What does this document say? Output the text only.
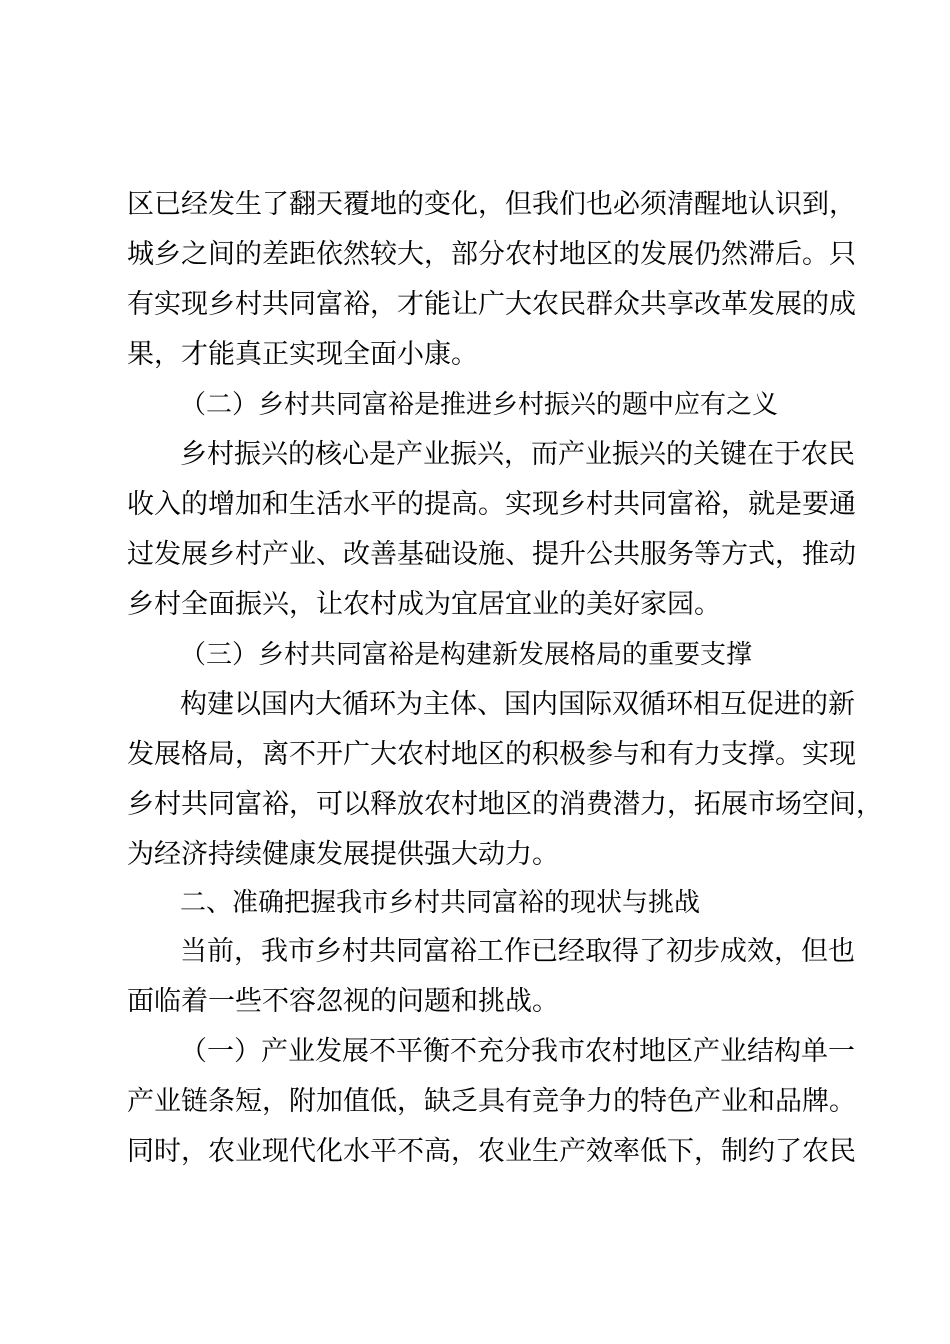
区已经发生了翻天覆地的变化，但我们也必须清醒地认识到，
城乡之间的差距依然较大，部分农村地区的发展仍然滞后。只
有实现乡村共同富裕，才能让广大农民群众共享改革发展的成
果，才能真正实现全面小康。
（二）乡村共同富裕是推进乡村振兴的题中应有之义
乡村振兴的核心是产业振兴，而产业振兴的关键在于农民
收入的增加和生活水平的提高。实现乡村共同富裕，就是要通
过发展乡村产业、改善基础设施、提升公共服务等方式，推动
乡村全面振兴，让农村成为宜居宜业的美好家园。
（三）乡村共同富裕是构建新发展格局的重要支撑
构建以国内大循环为主体、国内国际双循环相互促进的新
发展格局，离不开广大农村地区的积极参与和有力支撑。实现
乡村共同富裕，可以释放农村地区的消费潜力，拓展市场空间，
为经济持续健康发展提供强大动力。
二、准确把握我市乡村共同富裕的现状与挑战
当前，我市乡村共同富裕工作已经取得了初步成效，但也
面临着一些不容忽视的问题和挑战。
（一）产业发展不平衡不充分我市农村地区产业结构单一
产业链条短，附加值低，缺乏具有竞争力的特色产业和品牌。
同时，农业现代化水平不高，农业生产效率低下，制约了农民
